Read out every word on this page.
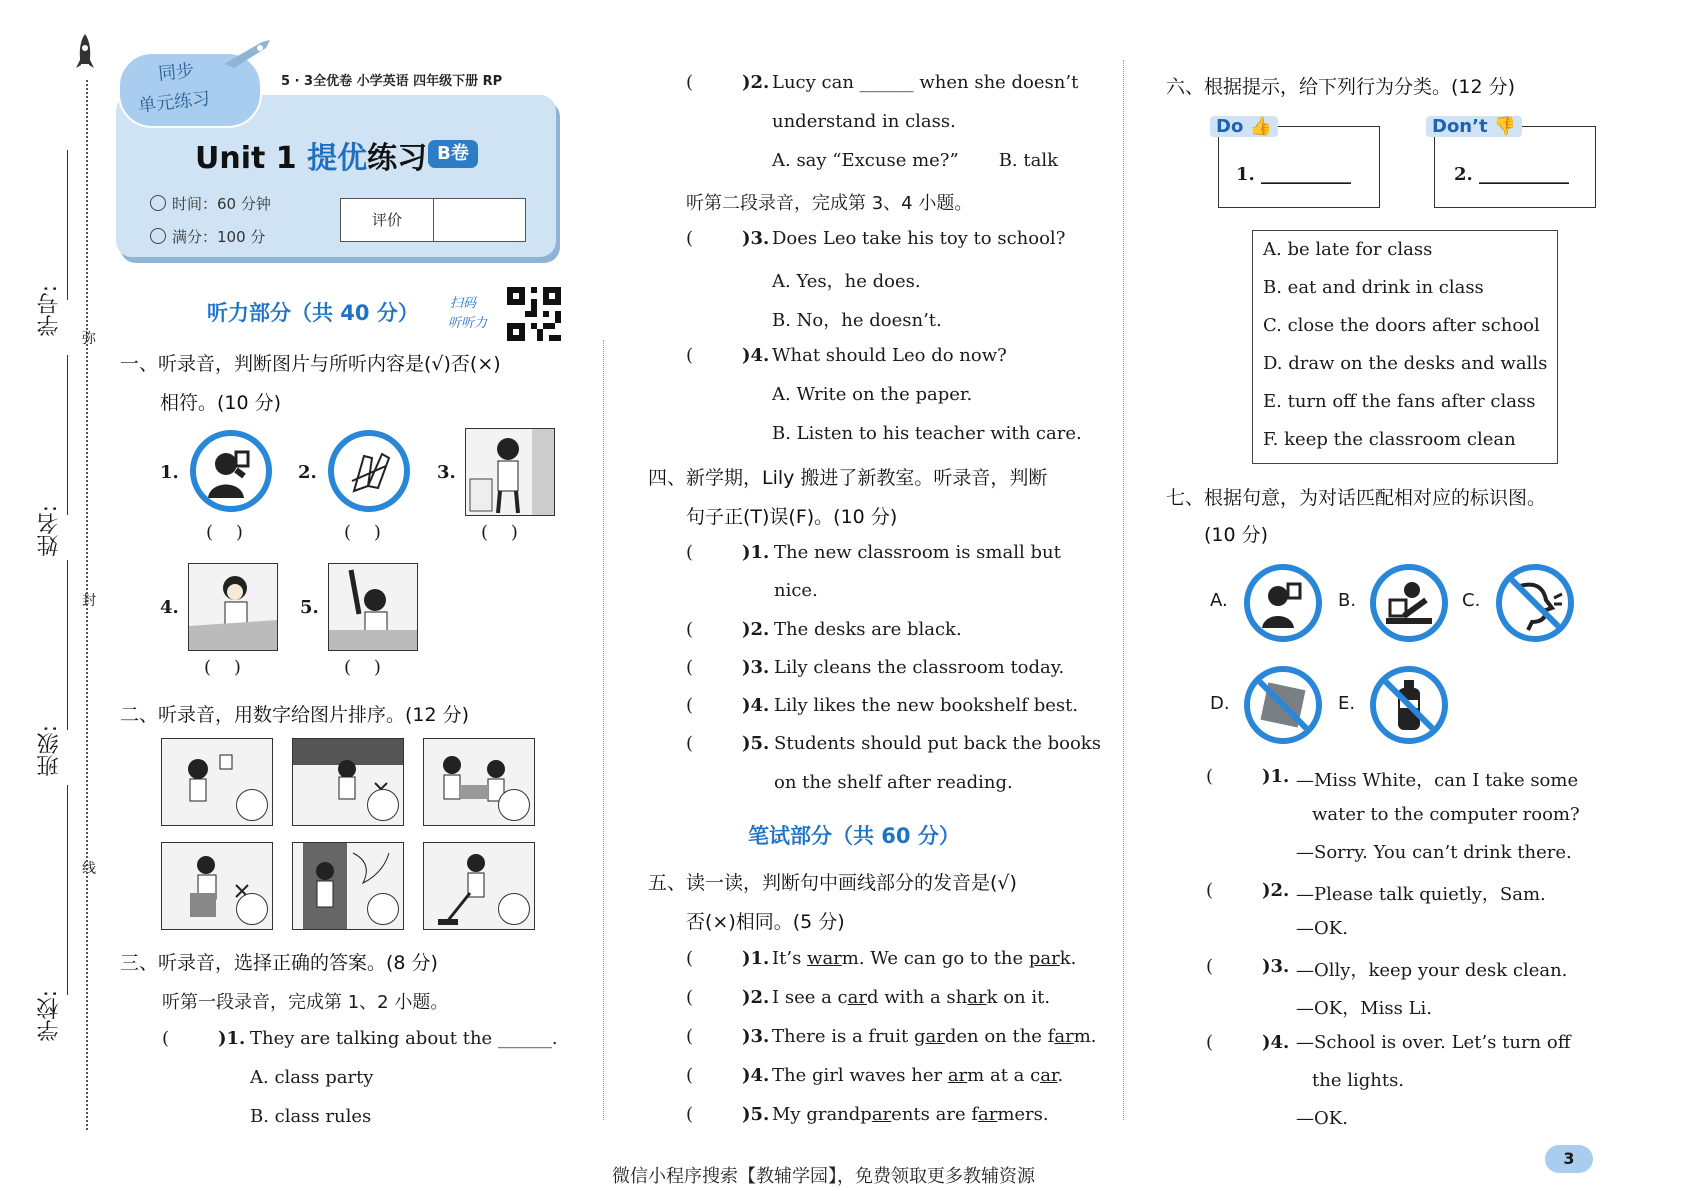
学号:
姓名:
班级:
学校:
弥
封
线
同步
单元练习
5 · 3全优卷 小学英语 四年级下册 RP
Unit 1 提优练习 B卷
时间：60 分钟
满分：100 分
评价
听力部分（共 40 分） 扫码
听听力
一、听录音，判断图片与所听内容是(√)否(×)
相符。(10 分)
1.
(    )
2.
(    )
3.
(    )
4.
(    )
5.
(    )
二、听录音，用数字给图片排序。(12 分)
三、听录音，选择正确的答案。(8 分)
听第一段录音，完成第 1、2 小题。
( )1. They are talking about the ______.
A. class party
B. class rules
( )2. Lucy can ______ when she doesn’t
understand in class.
A. say “Excuse me?”       B. talk
听第二段录音，完成第 3、4 小题。
( )3. Does Leo take his toy to school?
A. Yes，he does.
B. No，he doesn’t.
( )4. What should Leo do now?
A. Write on the paper.
B. Listen to his teacher with care.
四、新学期，Lily 搬进了新教室。听录音，判断
句子正(T)误(F)。(10 分)
( )1. The new classroom is small but
nice.
( )2. The desks are black.
( )3. Lily cleans the classroom today.
( )4. Lily likes the new bookshelf best.
( )5. Students should put back the books
on the shelf after reading.
笔试部分（共 60 分）
五、读一读，判断句中画线部分的发音是(√)
否(×)相同。(5 分)
( )1. It’s warm. We can go to the park.
( )2. I see a card with a shark on it.
( )3. There is a fruit garden on the farm.
( )4. The girl waves her arm at a car.
( )5. My grandparents are farmers.
六、根据提示，给下列行为分类。(12 分)
Do 👍
1. __________
Don’t 👎
2. __________
A. be late for class
B. eat and drink in class
C. close the doors after school
D. draw on the desks and walls
E. turn off the fans after class
F. keep the classroom clean
七、根据句意，为对话匹配相对应的标识图。
(10 分)
A.	B.	C.
D.	E.
( )1. —Miss White，can I take some
water to the computer room?
—Sorry. You can’t drink there.
( )2. —Please talk quietly，Sam.
—OK.
( )3. —Olly，keep your desk clean.
—OK，Miss Li.
( )4. —School is over. Let’s turn off
the lights.
—OK.
微信小程序搜索【教辅学园】，免费领取更多教辅资源
3
